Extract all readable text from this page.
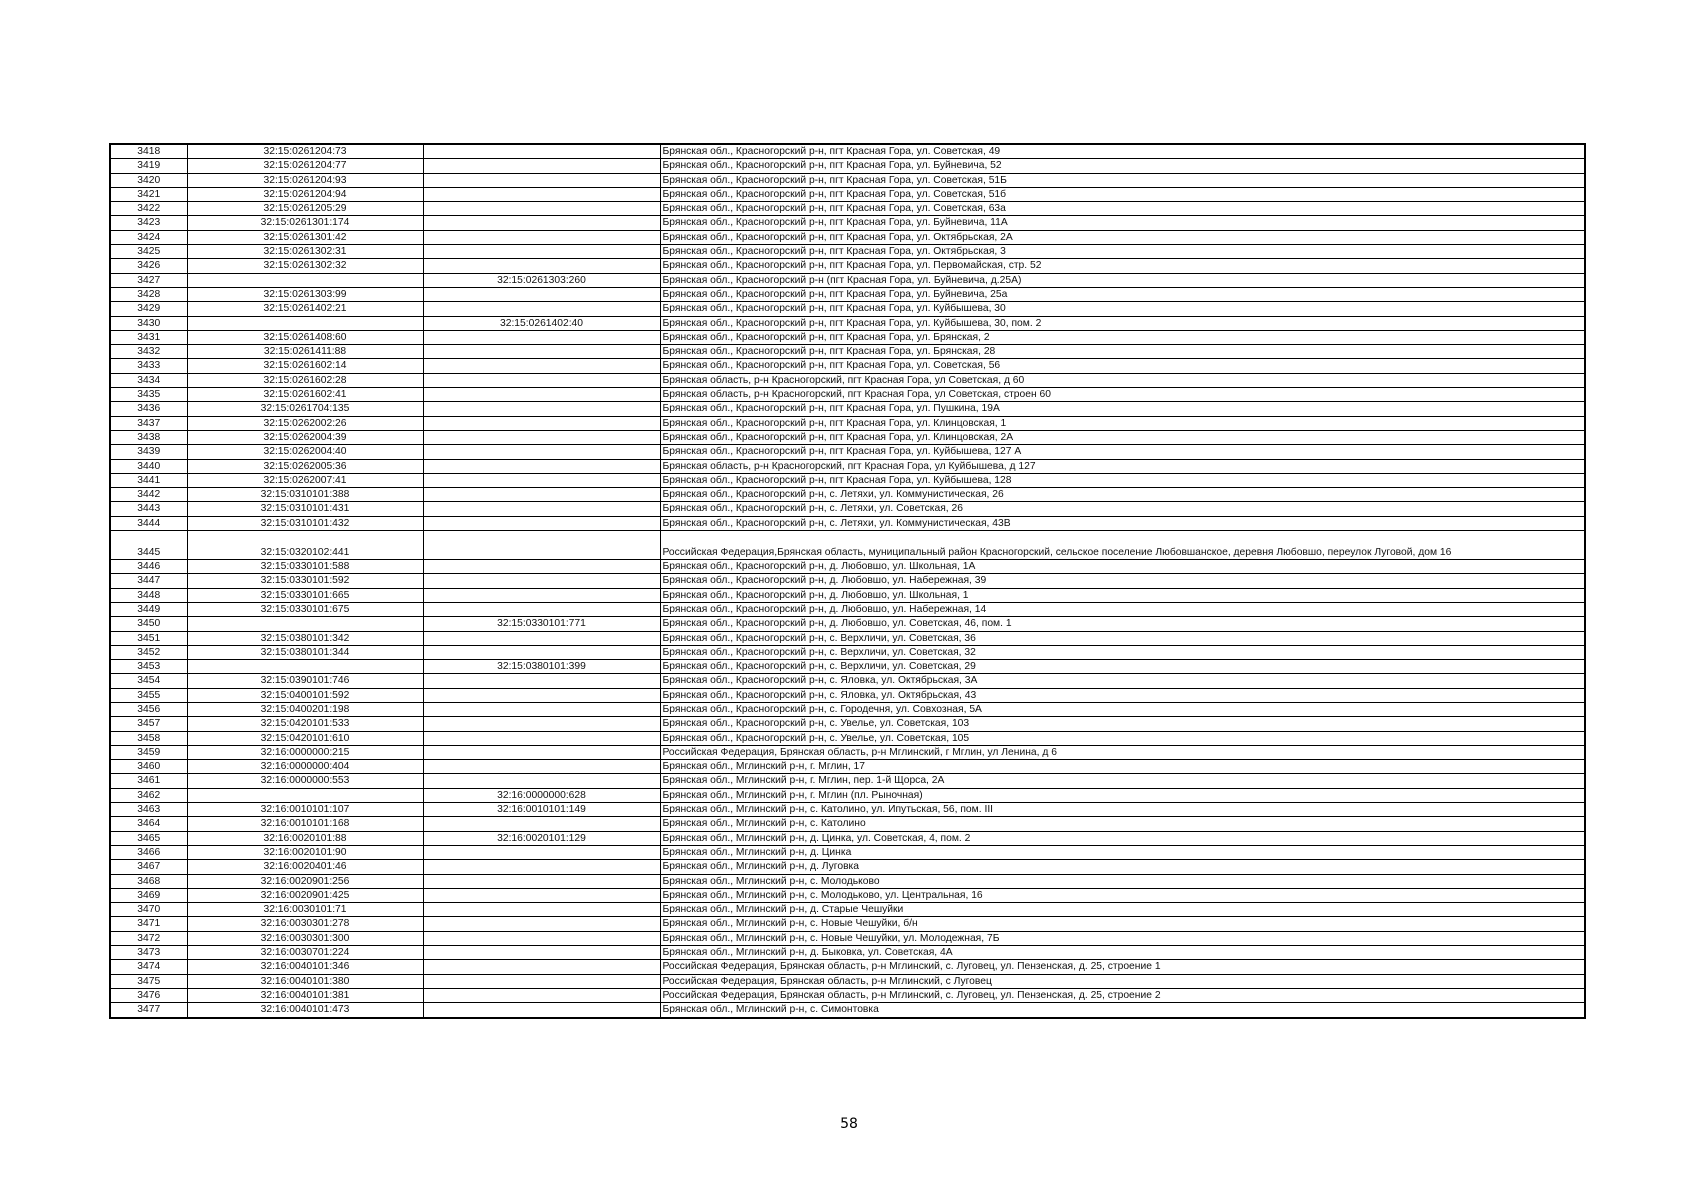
3418	32:15:0261204:73		Брянская обл., Красногорский р-н, пгт Красная Гора, ул. Советская, 49
3419	32:15:0261204:77		Брянская обл., Красногорский р-н, пгт Красная Гора, ул. Буйневича, 52
3420	32:15:0261204:93		Брянская обл., Красногорский р-н, пгт Красная Гора, ул. Советская, 51Б
3421	32:15:0261204:94		Брянская обл., Красногорский р-н, пгт Красная Гора, ул. Советская, 51б
3422	32:15:0261205:29		Брянская обл., Красногорский р-н, пгт Красная Гора, ул. Советская, 63а
3423	32:15:0261301:174		Брянская обл., Красногорский р-н, пгт Красная Гора, ул. Буйневича, 11А
3424	32:15:0261301:42		Брянская обл., Красногорский р-н, пгт Красная Гора, ул. Октябрьская, 2А
3425	32:15:0261302:31		Брянская обл., Красногорский р-н, пгт Красная Гора, ул. Октябрьская, 3
3426	32:15:0261302:32		Брянская обл., Красногорский р-н, пгт Красная Гора, ул. Первомайская, стр. 52
3427		32:15:0261303:260	Брянская обл., Красногорский р-н (пгт Красная Гора, ул. Буйневича, д.25А)
3428	32:15:0261303:99		Брянская обл., Красногорский р-н, пгт Красная Гора, ул. Буйневича, 25а
3429	32:15:0261402:21		Брянская обл., Красногорский р-н, пгт Красная Гора, ул. Куйбышева, 30
3430		32:15:0261402:40	Брянская обл., Красногорский р-н, пгт Красная Гора, ул. Куйбышева, 30, пом. 2
3431	32:15:0261408:60		Брянская обл., Красногорский р-н, пгт Красная Гора, ул. Брянская, 2
3432	32:15:0261411:88		Брянская обл., Красногорский р-н, пгт Красная Гора, ул. Брянская, 28
3433	32:15:0261602:14		Брянская обл., Красногорский р-н, пгт Красная Гора, ул. Советская, 56
3434	32:15:0261602:28		Брянская область, р-н Красногорский, пгт Красная Гора, ул Советская, д 60
3435	32:15:0261602:41		Брянская область, р-н Красногорский, пгт Красная Гора, ул Советская, строен 60
3436	32:15:0261704:135		Брянская обл., Красногорский р-н, пгт Красная Гора, ул. Пушкина, 19А
3437	32:15:0262002:26		Брянская обл., Красногорский р-н, пгт Красная Гора, ул. Клинцовская, 1
3438	32:15:0262004:39		Брянская обл., Красногорский р-н, пгт Красная Гора, ул. Клинцовская, 2А
3439	32:15:0262004:40		Брянская обл., Красногорский р-н, пгт Красная Гора, ул. Куйбышева, 127 А
3440	32:15:0262005:36		Брянская область, р-н Красногорский, пгт Красная Гора, ул Куйбышева, д 127
3441	32:15:0262007:41		Брянская обл., Красногорский р-н, пгт Красная Гора, ул. Куйбышева, 128
3442	32:15:0310101:388		Брянская обл., Красногорский р-н, с. Летяхи, ул. Коммунистическая, 26
3443	32:15:0310101:431		Брянская обл., Красногорский р-н, с. Летяхи, ул. Советская, 26
3444	32:15:0310101:432		Брянская обл., Красногорский р-н, с. Летяхи, ул. Коммунистическая, 43В
3445	32:15:0320102:441		Российская Федерация,Брянская область, муниципальный район Красногорский, сельское поселение Любовшанское, деревня Любовшо, переулок Луговой, дом 16
3446	32:15:0330101:588		Брянская обл., Красногорский р-н, д. Любовшо, ул. Школьная, 1А
3447	32:15:0330101:592		Брянская обл., Красногорский р-н, д. Любовшо, ул. Набережная, 39
3448	32:15:0330101:665		Брянская обл., Красногорский р-н, д. Любовшо, ул. Школьная, 1
3449	32:15:0330101:675		Брянская обл., Красногорский р-н, д. Любовшо, ул. Набережная, 14
3450		32:15:0330101:771	Брянская обл., Красногорский р-н, д. Любовшо, ул. Советская, 46, пом. 1
3451	32:15:0380101:342		Брянская обл., Красногорский р-н, с. Верхличи, ул. Советская, 36
3452	32:15:0380101:344		Брянская обл., Красногорский р-н, с. Верхличи, ул. Советская, 32
3453		32:15:0380101:399	Брянская обл., Красногорский р-н, с. Верхличи, ул. Советская, 29
3454	32:15:0390101:746		Брянская обл., Красногорский р-н, с. Яловка, ул. Октябрьская, 3А
3455	32:15:0400101:592		Брянская обл., Красногорский р-н, с. Яловка, ул. Октябрьская, 43
3456	32:15:0400201:198		Брянская обл., Красногорский р-н, с. Городечня, ул. Совхозная, 5А
3457	32:15:0420101:533		Брянская обл., Красногорский р-н, с. Увелье, ул. Советская, 103
3458	32:15:0420101:610		Брянская обл., Красногорский р-н, с. Увелье, ул. Советская, 105
3459	32:16:0000000:215		Российская Федерация, Брянская область, р-н Мглинский, г Мглин, ул Ленина, д 6
3460	32:16:0000000:404		Брянская обл., Мглинский р-н, г. Мглин, 17
3461	32:16:0000000:553		Брянская обл., Мглинский р-н, г. Мглин, пер. 1-й Щорса, 2А
3462		32:16:0000000:628	Брянская обл., Мглинский р-н, г. Мглин (пл. Рыночная)
3463	32:16:0010101:107	32:16:0010101:149	Брянская обл., Мглинский р-н, с. Католино, ул. Ипутьская, 56, пом. III
3464	32:16:0010101:168		Брянская обл., Мглинский р-н, с. Католино
3465	32:16:0020101:88	32:16:0020101:129	Брянская обл., Мглинский р-н, д. Цинка, ул. Советская, 4, пом. 2
3466	32:16:0020101:90		Брянская обл., Мглинский р-н, д. Цинка
3467	32:16:0020401:46		Брянская обл., Мглинский р-н, д. Луговка
3468	32:16:0020901:256		Брянская обл., Мглинский р-н, с. Молодьково
3469	32:16:0020901:425		Брянская обл., Мглинский р-н, с. Молодьково, ул. Центральная, 16
3470	32:16:0030101:71		Брянская обл., Мглинский р-н, д. Старые Чешуйки
3471	32:16:0030301:278		Брянская обл., Мглинский р-н, с. Новые Чешуйки, б/н
3472	32:16:0030301:300		Брянская обл., Мглинский р-н, с. Новые Чешуйки, ул. Молодежная, 7Б
3473	32:16:0030701:224		Брянская обл., Мглинский р-н, д. Быковка, ул. Советская, 4А
3474	32:16:0040101:346		Российская Федерация, Брянская область, р-н Мглинский, с. Луговец, ул. Пензенская, д. 25, строение 1
3475	32:16:0040101:380		Российская Федерация, Брянская область, р-н Мглинский, с Луговец
3476	32:16:0040101:381		Российская Федерация, Брянская область, р-н Мглинский, с. Луговец, ул. Пензенская, д. 25, строение 2
3477	32:16:0040101:473		Брянская обл., Мглинский р-н, с. Симонтовка
58
